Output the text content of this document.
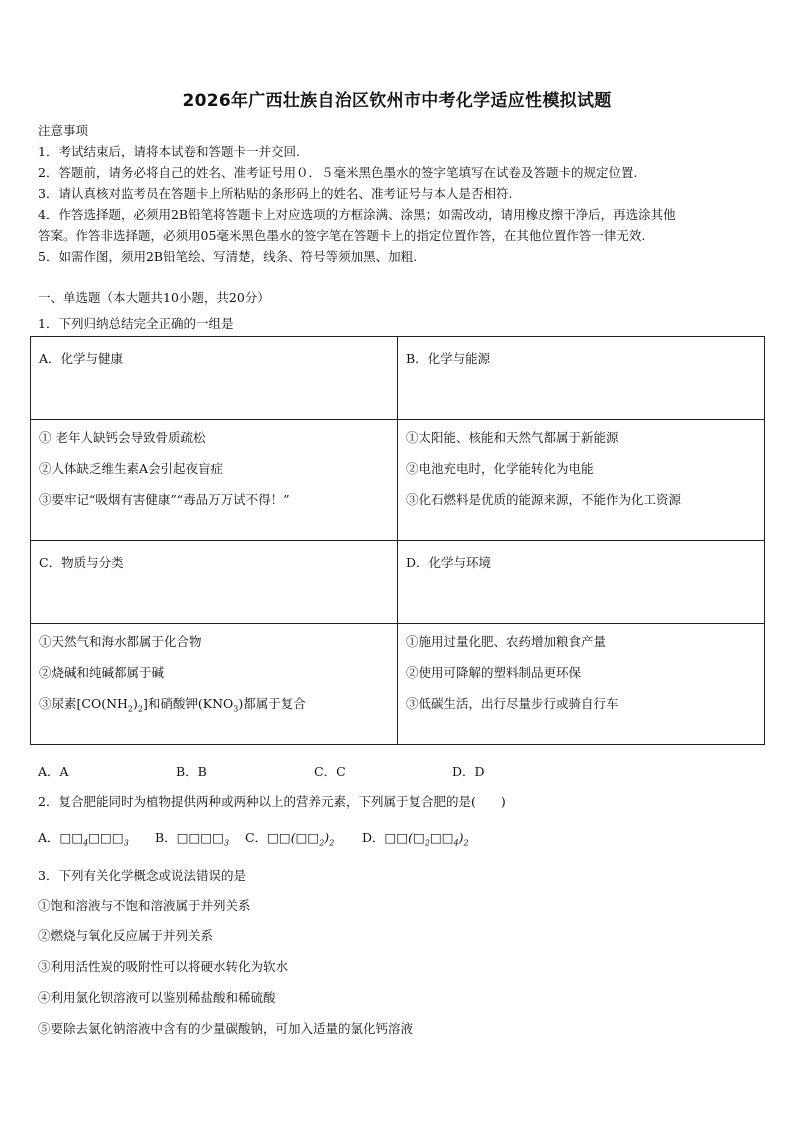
2026年广西壮族自治区钦州市中考化学适应性模拟试题
注意事项
1．考试结束后，请将本试卷和答题卡一并交回.
2．答题前，请务必将自己的姓名、准考证号用０．５毫米黑色墨水的签字笔填写在试卷及答题卡的规定位置.
3．请认真核对监考员在答题卡上所粘贴的条形码上的姓名、准考证号与本人是否相符.
4．作答选择题，必须用2B铅笔将答题卡上对应选项的方框涂满、涂黑；如需改动，请用橡皮擦干净后，再选涂其他
答案。作答非选择题，必须用05毫米黑色墨水的签字笔在答题卡上的指定位置作答，在其他位置作答一律无效.
5．如需作图，须用2B铅笔绘、写清楚，线条、符号等须加黑、加粗.
一、单选题（本大题共10小题，共20分）
1．下列归纳总结完全正确的一组是
A．化学与健康	B．化学与能源

① 老年人缺钙会导致骨质疏松
②人体缺乏维生素A会引起夜盲症
③要牢记“吸烟有害健康”“毒品万万试不得！”	①太阳能、核能和天然气都属于新能源
②电池充电时，化学能转化为电能
③化石燃料是优质的能源来源，不能作为化工资源

C．物质与分类	D．化学与环境

①天然气和海水都属于化合物
②烧碱和纯碱都属于碱
③尿素$[CO(NH_2)_2]$和硝酸钾$(KNO_3)$都属于复合	①施用过量化肥、农药增加粮食产量
②使用可降解的塑料制品更环保
③低碳生活，出行尽量步行或骑自行车
A．A	B．B	C．C	D．D
2．复合肥能同时为植物提供两种或两种以上的营养元素，下列属于复合肥的是(　　)
A．$□□_4□□□_3$ B．$□□□□_3$ C．$□□(□□_2)_2$ D．$□□(□_2□□_4)_2$
3．下列有关化学概念或说法错误的是
①饱和溶液与不饱和溶液属于并列关系
②燃烧与氧化反应属于并列关系
③利用活性炭的吸附性可以将硬水转化为软水
④利用氯化钡溶液可以鉴别稀盐酸和稀硫酸
⑤要除去氯化钠溶液中含有的少量碳酸钠，可加入适量的氯化钙溶液
